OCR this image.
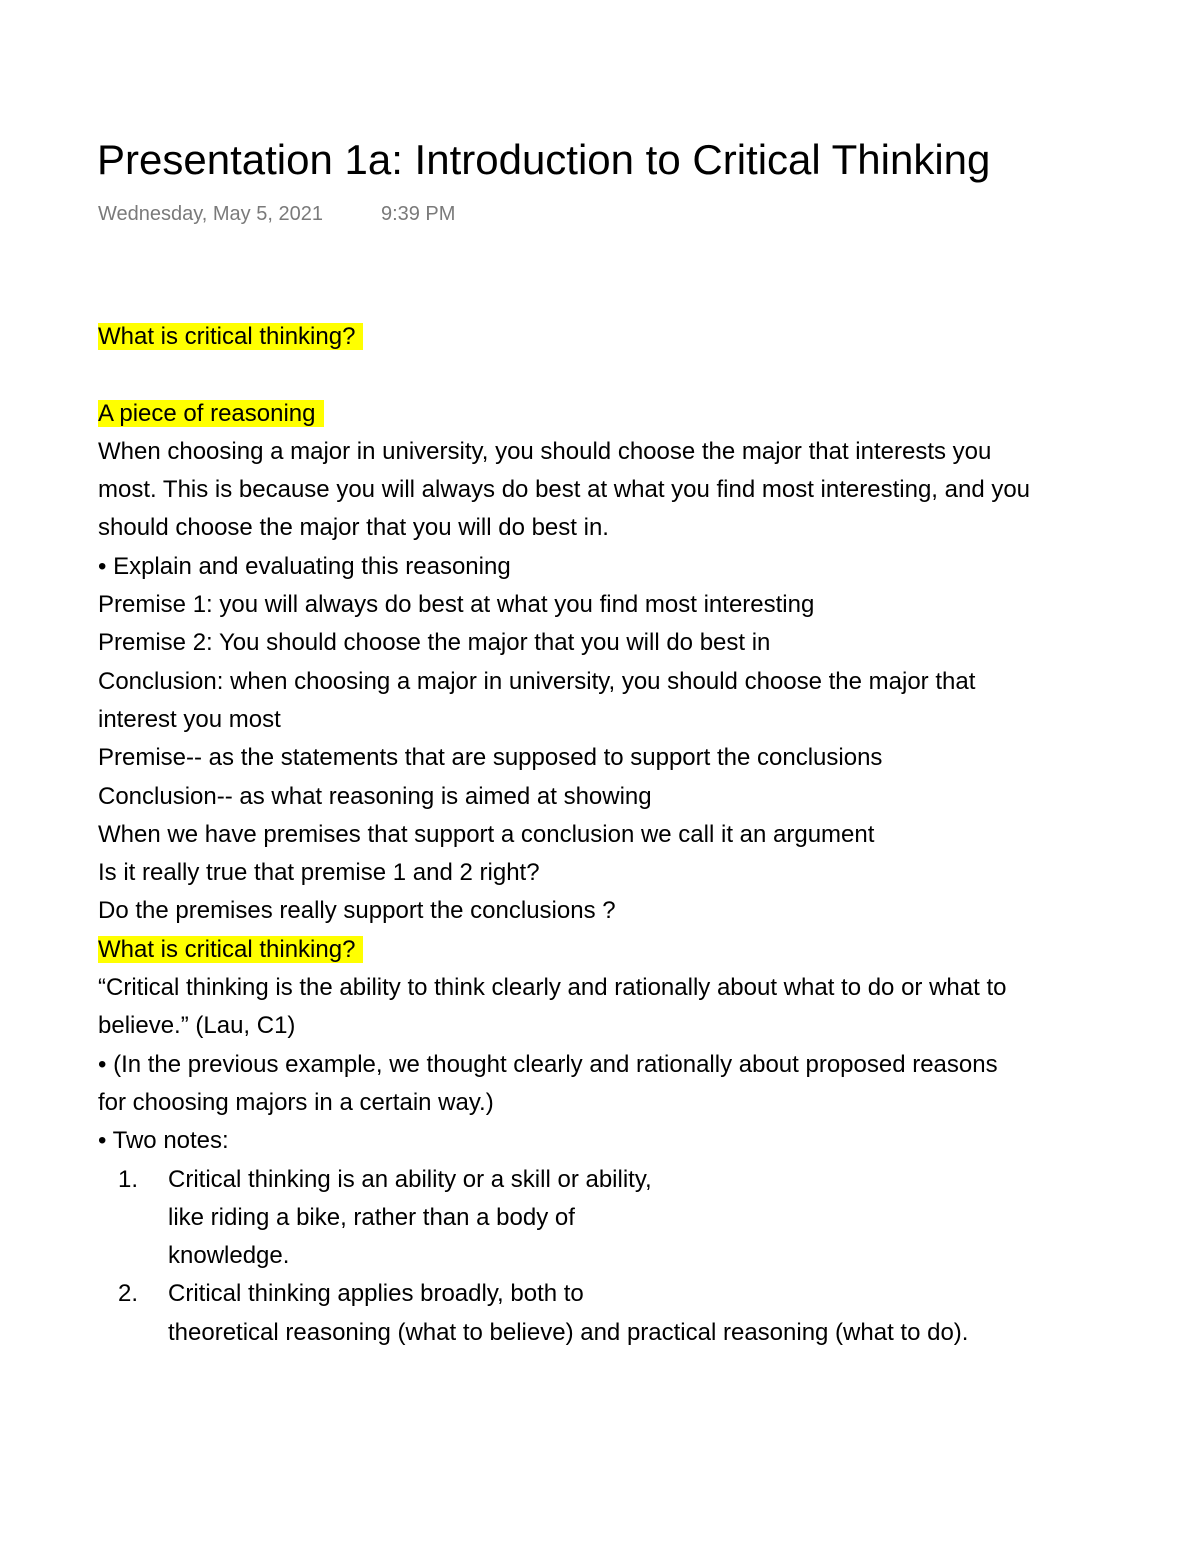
Presentation 1a: Introduction to Critical Thinking
Wednesday, May 5, 2021	9:39 PM
What is critical thinking?
A piece of reasoning
When choosing a major in university, you should choose the major that interests you
most. This is because you will always do best at what you find most interesting, and you
should choose the major that you will do best in.
• Explain and evaluating this reasoning
Premise 1: you will always do best at what you find most interesting
Premise 2: You should choose the major that you will do best in
Conclusion: when choosing a major in university, you should choose the major that
interest you most
Premise-- as the statements that are supposed to support the conclusions
Conclusion-- as what reasoning is aimed at showing
When we have premises that support a conclusion we call it an argument
Is it really true that premise 1 and 2 right?
Do the premises really support the conclusions ?
What is critical thinking?
“Critical thinking is the ability to think clearly and rationally about what to do or what to
believe.” (Lau, C1)
• (In the previous example, we thought clearly and rationally about proposed reasons
for choosing majors in a certain way.)
• Two notes:
1.	Critical thinking is an ability or a skill or ability,
like riding a bike, rather than a body of
knowledge.
2.	Critical thinking applies broadly, both to
theoretical reasoning (what to believe) and practical reasoning (what to do).
